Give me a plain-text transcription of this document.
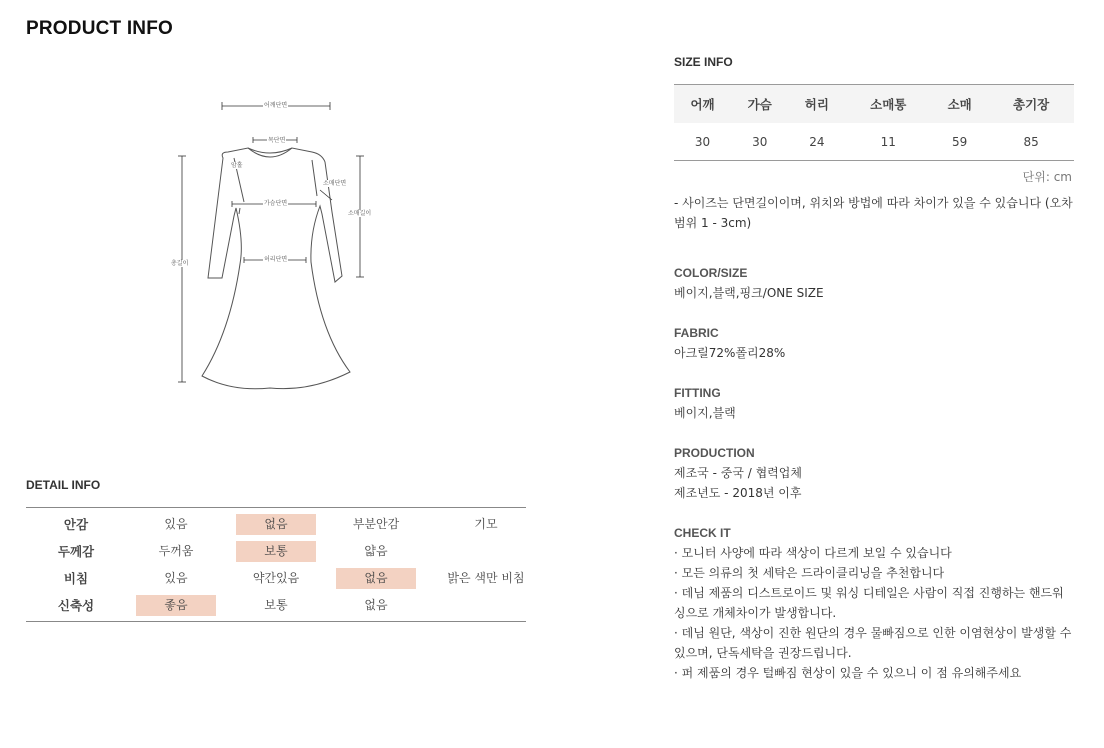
PRODUCT INFO
어깨단면
목단면
암홀
소매단면
가슴단면
소매길이
총길이
허리단면
DETAIL INFO
안감	있음	없음	부분안감	기모
두께감	두꺼움	보통	얇음
비침	있음	약간있음	없음	밝은 색만 비침
신축성	좋음	보통	없음
SIZE INFO
어깨	가슴	허리	소매통	소매	총기장
30	30	24	11	59	85
단위: cm
- 사이즈는 단면길이이며, 위치와 방법에 따라 차이가 있을 수 있습니다 (오차범위 1 - 3cm)
COLOR/SIZE
베이지,블랙,핑크/ONE SIZE
FABRIC
아크릴72%폴리28%
FITTING
베이지,블랙
PRODUCTION
제조국 - 중국 / 협력업체
제조년도 - 2018년 이후
CHECK IT
· 모니터 사양에 따라 색상이 다르게 보일 수 있습니다
· 모든 의류의 첫 세탁은 드라이클리닝을 추천합니다
· 데님 제품의 디스트로이드 및 워싱 디테일은 사람이 직접 진행하는 핸드워싱으로 개체차이가 발생합니다.
· 데님 원단, 색상이 진한 원단의 경우 물빠짐으로 인한 이염현상이 발생할 수 있으며, 단독세탁을 권장드립니다.
· 퍼 제품의 경우 털빠짐 현상이 있을 수 있으니 이 점 유의해주세요
